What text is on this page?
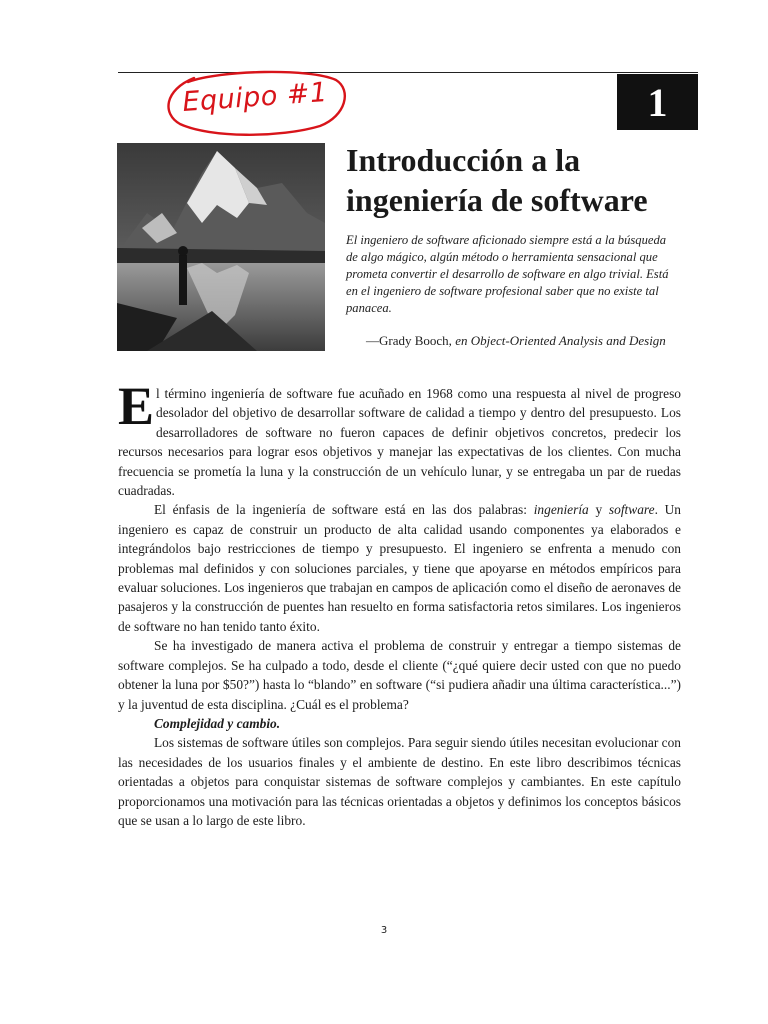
Equipo #1	1
Introducción a la ingeniería de software

El ingeniero de software aficionado siempre está a la búsqueda de algo mágico, algún método o herramienta sensacional que prometa convertir el desarrollo de software en algo trivial. Está en el ingeniero de software profesional saber que no existe tal panacea.

—Grady Booch, en Object-Oriented Analysis and Design

El término ingeniería de software fue acuñado en 1968 como una respuesta al nivel de progreso desolador del objetivo de desarrollar software de calidad a tiempo y dentro del presupuesto. Los desarrolladores de software no fueron capaces de definir objetivos concretos, predecir los recursos necesarios para lograr esos objetivos y manejar las expectativas de los clientes. Con mucha frecuencia se prometía la luna y la construcción de un vehículo lunar, y se entregaba un par de ruedas cuadradas.

El énfasis de la ingeniería de software está en las dos palabras: ingeniería y software. Un ingeniero es capaz de construir un producto de alta calidad usando componentes ya elaborados e integrándolos bajo restricciones de tiempo y presupuesto. El ingeniero se enfrenta a menudo con problemas mal definidos y con soluciones parciales, y tiene que apoyarse en métodos empíricos para evaluar soluciones. Los ingenieros que trabajan en campos de aplicación como el diseño de aeronaves de pasajeros y la construcción de puentes han resuelto en forma satisfactoria retos similares. Los ingenieros de software no han tenido tanto éxito.

Se ha investigado de manera activa el problema de construir y entregar a tiempo sistemas de software complejos. Se ha culpado a todo, desde el cliente (“¿qué quiere decir usted con que no puedo obtener la luna por $50?”) hasta lo “blando” en software (“si pudiera añadir una última característica...”) y la juventud de esta disciplina. ¿Cuál es el problema?

Complejidad y cambio.

Los sistemas de software útiles son complejos. Para seguir siendo útiles necesitan evolucionar con las necesidades de los usuarios finales y el ambiente de destino. En este libro describimos técnicas orientadas a objetos para conquistar sistemas de software complejos y cambiantes. En este capítulo proporcionamos una motivación para las técnicas orientadas a objetos y definimos los conceptos básicos que se usan a lo largo de este libro.

3
